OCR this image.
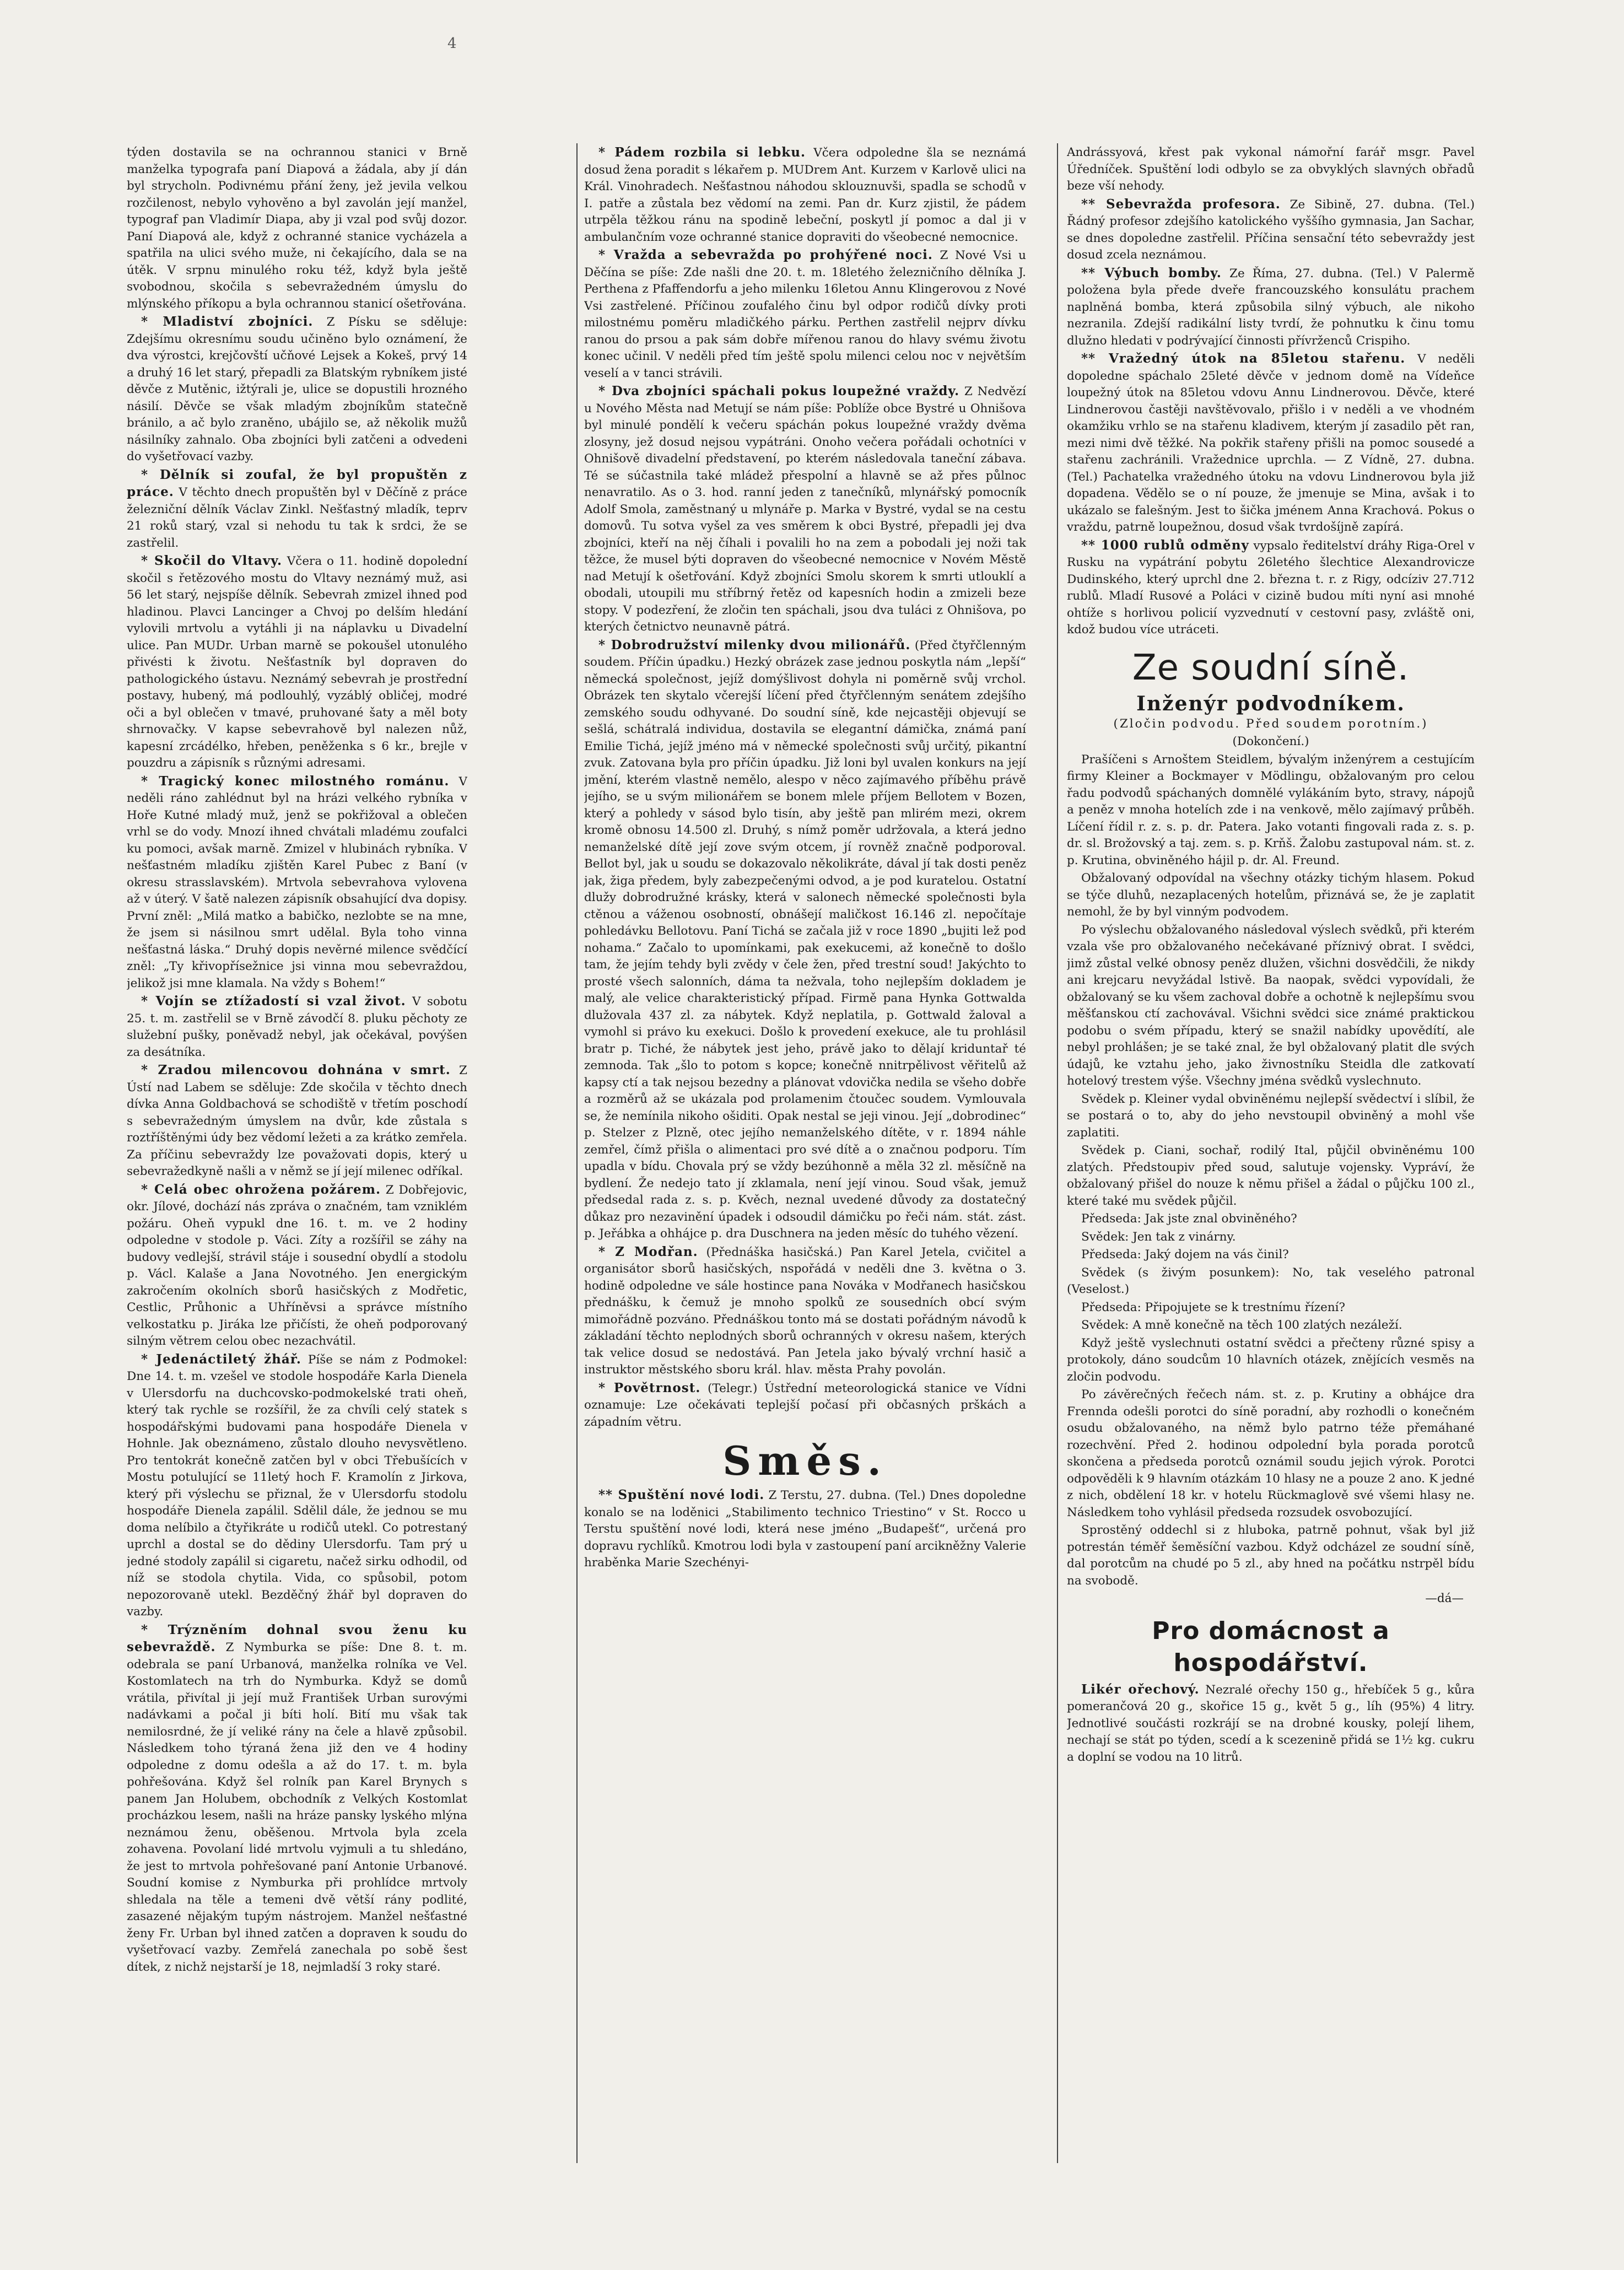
4

týden dostavila se na ochrannou stanici v Brně manželka typografa paní Diapová a žádala, aby jí dán byl strycholn. Podivnému přání ženy, jež jevila velkou rozčilenost, nebylo vyhověno a byl zavolán její manžel, typograf pan Vladimír Diapa, aby ji vzal pod svůj dozor. Paní Diapová ale, když z ochranné stanice vycházela a spatřila na ulici svého muže, ni čekajícího, dala se na útěk. V srpnu minulého roku též, když byla ještě svobodnou, skočila s sebevražedném úmyslu do mlýnského příkopu a byla ochrannou stanicí ošetřována.

* Mladiství zbojníci. Z Písku se sděluje: Zdejšímu okresnímu soudu učiněno bylo oznámení, že dva výrostci, krejčovští učňové Lejsek a Kokeš, prvý 14 a druhý 16 let starý, přepadli za Blatským rybníkem jisté děvče z Mutěnic, ižtýrali je, ulice se dopustili hrozného násilí. Děvče se však mladým zbojníkům statečně bránilo, a ač bylo zraněno, ubájilo se, až několik mužů násilníky zahnalo. Oba zbojníci byli zatčeni a odvedeni do vyšetřovací vazby.

* Dělník si zoufal, že byl propuštěn z práce. V těchto dnech propuštěn byl v Děčíně z práce železniční dělník Václav Zinkl. Nešťastný mladík, teprv 21 roků starý, vzal si nehodu tu tak k srdci, že se zastřelil.

* Skočil do Vltavy. Včera o 11. hodině dopolední skočil s řetězového mostu do Vltavy neznámý muž, asi 56 let starý, nejspíše dělník. Sebevrah zmizel ihned pod hladinou. Plavci Lancinger a Chvoj po delším hledání vylovili mrtvolu a vytáhli ji na náplavku u Divadelní ulice. Pan MUDr. Urban marně se pokoušel utonulého přivésti k životu. Nešťastník byl dopraven do pathologického ústavu. Neznámý sebevrah je prostřední postavy, hubený, má podlouhlý, vyzáblý obličej, modré oči a byl oblečen v tmavé, pruhované šaty a měl boty shrnovačky. V kapse sebevrahově byl nalezen nůž, kapesní zrcádélko, hřeben, peněženka s 6 kr., brejle v pouzdru a zápisník s různými adresami.

* Tragický konec milostného románu. V neděli ráno zahlédnut byl na hrázi velkého rybníka v Hoře Kutné mladý muž, jenž se pokřižoval a oblečen vrhl se do vody. Mnozí ihned chvátali mladému zoufalci ku pomoci, avšak marně. Zmizel v hlubinách rybníka. V nešťastném mladíku zjištěn Karel Pubec z Baní (v okresu strasslavském). Mrtvola sebevrahova vylovena až v úterý. V šatě nalezen zápisník obsahující dva dopisy. První zněl: „Milá matko a babičko, nezlobte se na mne, že jsem si násilnou smrt udělal. Byla toho vinna nešťastná láska.“ Druhý dopis nevěrné milence svědčící zněl: „Ty křivopřísežnice jsi vinna mou sebevraždou, jelikož jsi mne klamala. Na vždy s Bohem!“

* Vojín se ztížadostí si vzal život. V sobotu 25. t. m. zastřelil se v Brně závodčí 8. pluku pěchoty ze služební pušky, poněvadž nebyl, jak očekával, povýšen za desátníka.

* Zradou milencovou dohnána v smrt. Z Ústí nad Labem se sděluje: Zde skočila v těchto dnech dívka Anna Goldbachová se schodiště v třetím poschodí s sebevražedným úmyslem na dvůr, kde zůstala s roztříštěnými údy bez vědomí ležeti a za krátko zemřela. Za příčinu sebevraždy lze považovati dopis, který u sebevražedkyně našli a v němž se jí její milenec odříkal.

* Celá obec ohrožena požárem. Z Dobřejovic, okr. Jílové, dochází nás zpráva o značném, tam vzniklém požáru. Oheň vypukl dne 16. t. m. ve 2 hodiny odpoledne v stodole p. Váci. Zíty a rozšířil se záhy na budovy vedlejší, strávil stáje i sousední obydlí a stodolu p. Václ. Kalaše a Jana Novotného. Jen energickým zakročením okolních sborů hasičských z Modřetic, Cestlic, Průhonic a Uhříněvsi a správce místního velkostatku p. Jiráka lze přičísti, že oheň podporovaný silným větrem celou obec nezachvátil.

* Jedenáctiletý žhář. Píše se nám z Podmokel: Dne 14. t. m. vzešel ve stodole hospodáře Karla Dienela v Ulersdorfu na duchcovsko-podmokelské trati oheň, který tak rychle se rozšířil, že za chvíli celý statek s hospodářskými budovami pana hospodáře Dienela v Hohnle. Jak obeznámeno, zůstalo dlouho nevysvětleno. Pro tentokrát konečně zatčen byl v obci Třebušících v Mostu potulující se 11letý hoch F. Kramolín z Jirkova, který při výslechu se přiznal, že v Ulersdorfu stodolu hospodáře Dienela zapálil. Sdělil dále, že jednou se mu doma nelíbilo a čtyřikráte u rodičů utekl. Co potrestaný uprchl a dostal se do dědiny Ulersdorfu. Tam prý u jedné stodoly zapálil si cigaretu, načež sirku odhodil, od níž se stodola chytila. Vida, co spůsobil, potom nepozorovaně utekl. Bezděčný žhář byl dopraven do vazby.

* Trýzněním dohnal svou ženu ku sebevraždě. Z Nymburka se píše: Dne 8. t. m. odebrala se paní Urbanová, manželka rolníka ve Vel. Kostomlatech na trh do Nymburka. Když se domů vrátila, přivítal ji její muž František Urban surovými nadávkami a počal ji bíti holí. Bití mu však tak nemilosrdné, že jí veliké rány na čele a hlavě způsobil. Následkem toho týraná žena již den ve 4 hodiny odpoledne z domu odešla a až do 17. t. m. byla pohřešována. Když šel rolník pan Karel Brynych s panem Jan Holubem, obchodník z Velkých Kostomlat procházkou lesem, našli na hráze pansky lyského mlýna neznámou ženu, oběšenou. Mrtvola byla zcela zohavena. Povolaní lidé mrtvolu vyjmuli a tu shledáno, že jest to mrtvola pohřešované paní Antonie Urbanové. Soudní komise z Nymburka při prohlídce mrtvoly shledala na těle a temeni dvě větší rány podlité, zasazené nějakým tupým nástrojem. Manžel nešťastné ženy Fr. Urban byl ihned zatčen a dopraven k soudu do vyšetřovací vazby. Zemřelá zanechala po sobě šest dítek, z nichž nejstarší je 18, nejmladší 3 roky staré.

* Pádem rozbila si lebku. Včera odpoledne šla se neznámá dosud žena poradit s lékařem p. MUDrem Ant. Kurzem v Karlově ulici na Král. Vinohradech. Nešťastnou náhodou sklouznuvši, spadla se schodů v I. patře a zůstala bez vědomí na zemi. Pan dr. Kurz zjistil, že pádem utrpěla těžkou ránu na spodině lebeční, poskytl jí pomoc a dal ji v ambulančním voze ochranné stanice dopraviti do všeobecné nemocnice.

* Vražda a sebevražda po prohýřené noci. Z Nové Vsi u Děčína se píše: Zde našli dne 20. t. m. 18letého železničního dělníka J. Perthena z Pfaffendorfu a jeho milenku 16letou Annu Klingerovou z Nové Vsi zastřelené. Příčinou zoufalého činu byl odpor rodičů dívky proti milostnému poměru mladičkého párku. Perthen zastřelil nejprv dívku ranou do prsou a pak sám dobře mířenou ranou do hlavy svému životu konec učinil. V neděli před tím ještě spolu milenci celou noc v největším veselí a v tanci strávili.

* Dva zbojníci spáchali pokus loupežné vraždy. Z Nedvězí u Nového Města nad Metují se nám píše: Poblíže obce Bystré u Ohnišova byl minulé pondělí k večeru spáchán pokus loupežné vraždy dvěma zlosyny, jež dosud nejsou vypátráni. Onoho večera pořádali ochotníci v Ohnišově divadelní představení, po kterém následovala taneční zábava. Té se súčastnila také mládež přespolní a hlavně se až přes půlnoc nenavratilo. As o 3. hod. ranní jeden z tanečníků, mlynářský pomocník Adolf Smola, zaměstnaný u mlynáře p. Marka v Bystré, vydal se na cestu domovů. Tu sotva vyšel za ves směrem k obci Bystré, přepadli jej dva zbojníci, kteří na něj číhali i povalili ho na zem a pobodali jej noži tak těžce, že musel býti dopraven do všeobecné nemocnice v Novém Městě nad Metují k ošetřování. Když zbojníci Smolu skorem k smrti utlouklí a obodali, utoupili mu stříbrný řetěz od kapesních hodin a zmizeli beze stopy. V podezření, že zločin ten spáchali, jsou dva tuláci z Ohnišova, po kterých četnictvo neunavně pátrá.

* Dobrodružství milenky dvou milionářů. (Před čtyřčlenným soudem. Příčin úpadku.) Hezký obrázek zase jednou poskytla nám „lepší“ německá společnost, jejíž domýšlivost dohyla ni poměrně svůj vrchol. Obrázek ten skytalo včerejší líčení před čtyřčlenným senátem zdejšího zemského soudu odhyvané. Do soudní síně, kde nejcastěji objevují se sešlá, schátralá individua, dostavila se elegantní dámička, známá paní Emilie Tichá, jejíž jméno má v německé společnosti svůj určitý, pikantní zvuk. Zatovana byla pro příčin úpadku. Již loni byl uvalen konkurs na její jmění, kterém vlastně nemělo, alespo v něco zajímavého příběhu právě jejího, se u svým milionářem se bonem mlele příjem Bellotem v Bozen, který a pohledy v sásod bylo tisín, aby ještě pan mlirém mezi, okrem kromě obnosu 14.500 zl. Druhý, s nímž poměr udržovala, a která jedno nemanželské dítě její zove svým otcem, jí rovněž značně podporoval. Bellot byl, jak u soudu se dokazovalo několikráte, dával jí tak dosti peněz jak, žiga předem, byly zabezpečenými odvod, a je pod kuratelou. Ostatní dlužy dobrodružné krásky, která v salonech německé společnosti byla ctěnou a váženou osobností, obnášejí maličkost 16.146 zl. nepočítaje pohledávku Bellotovu. Paní Tichá se začala již v roce 1890 „bujiti lež pod nohama.“ Začalo to upomínkami, pak exekucemi, až konečně to došlo tam, že jejím tehdy byli zvědy v čele žen, před trestní soud! Jakýchto to prosté všech salonních, dáma ta nežvala, toho nejlepším dokladem je malý, ale velice charakteristický případ. Firmě pana Hynka Gottwalda dlužovala 437 zl. za nábytek. Když neplatila, p. Gottwald žaloval a vymohl si právo ku exekuci. Došlo k provedení exekuce, ale tu prohlásil bratr p. Tiché, že nábytek jest jeho, právě jako to dělají kriduntař té zemnoda. Tak „šlo to potom s kopce; konečně nnitrpělivost věřitelů až kapsy ctí a tak nejsou bezedny a plánovat vdovička nedila se všeho dobře a rozměrů až se ukázala pod prolamenim čtoučec soudem. Vymlouvala se, že nemínila nikoho ošiditi. Opak nestal se jeji vinou. Její „dobrodinec“ p. Stelzer z Plzně, otec jejího nemanželského dítěte, v r. 1894 náhle zemřel, čímž přišla o alimentaci pro své dítě a o značnou podporu. Tím upadla v bídu. Chovala prý se vždy bezúhonně a měla 32 zl. měsíčně na bydlení. Že nedejo tato jí zklamala, není její vinou. Soud však, jemuž předsedal rada z. s. p. Kvěch, neznal uvedené důvody za dostatečný důkaz pro nezavinění úpadek i odsoudil dámičku po řeči nám. stát. zást. p. Jeřábka a ohhájce p. dra Duschnera na jeden měsíc do tuhého vězení.

* Z Modřan. (Přednáška hasičská.) Pan Karel Jetela, cvičitel a organisátor sborů hasičských, nspořádá v neděli dne 3. května o 3. hodině odpoledne ve sále hostince pana Nováka v Modřanech hasičskou přednášku, k čemuž je mnoho spolků ze sousedních obcí svým mimořádně pozváno. Přednáškou tonto má se dostati pořádným návodů k základání těchto neplodných sborů ochranných v okresu našem, kterých tak velice dosud se nedostává. Pan Jetela jako bývalý vrchní hasič a instruktor městského sboru král. hlav. města Prahy povolán.

* Povětrnost. (Telegr.) Ústřední meteorologická stanice ve Vídni oznamuje: Lze očekávati teplejší počasí při občasných prškách a západním větru.

Směs.

** Spuštění nové lodi. Z Terstu, 27. dubna. (Tel.) Dnes dopoledne konalo se na loděnici „Stabilimento technico Triestino“ v St. Rocco u Terstu spuštění nové lodi, která nese jméno „Budapešť“, určená pro dopravu rychlíků. Kmotrou lodi byla v zastoupení paní arcikněžny Valerie hraběnka Marie Szechényi-

Andrássyová, křest pak vykonal námořní farář msgr. Pavel Úředníček. Spuštění lodi odbylo se za obvyklých slavných obřadů beze vší nehody.

** Sebevražda profesora. Ze Sibině, 27. dubna. (Tel.) Řádný profesor zdejšího katolického vyššího gymnasia, Jan Sachar, se dnes dopoledne zastřelil. Příčina sensační této sebevraždy jest dosud zcela neznámou.

** Výbuch bomby. Ze Říma, 27. dubna. (Tel.) V Palermě položena byla přede dveře francouzského konsulátu prachem naplněná bomba, která způsobila silný výbuch, ale nikoho nezranila. Zdejší radikální listy tvrdí, že pohnutku k činu tomu dlužno hledati v podrývající činnosti přívrženců Crispiho.

** Vražedný útok na 85letou stařenu. V neděli dopoledne spáchalo 25leté děvče v jednom domě na Vídeňce loupežný útok na 85letou vdovu Annu Lindnerovou. Děvče, které Lindnerovou častěji navštěvovalo, přišlo i v neděli a ve vhodném okamžiku vrhlo se na stařenu kladivem, kterým jí zasadilo pět ran, mezi nimi dvě těžké. Na pokřik stařeny přišli na pomoc sousedé a stařenu zachránili. Vražednice uprchla. — Z Vídně, 27. dubna. (Tel.) Pachatelka vražedného útoku na vdovu Lindnerovou byla již dopadena. Vědělo se o ní pouze, že jmenuje se Mina, avšak i to ukázalo se falešným. Jest to šička jménem Anna Krachová. Pokus o vraždu, patrně loupežnou, dosud však tvrdošíjně zapírá.

** 1000 rublů odměny vypsalo ředitelství dráhy Riga-Orel v Rusku na vypátrání pobytu 26letého šlechtice Alexandrovicze Dudinského, který uprchl dne 2. března t. r. z Rigy, odcíziv 27.712 rublů. Mladí Rusové a Poláci v cizině budou míti nyní asi mnohé ohtíže s horlivou policií vyzvednutí v cestovní pasy, zvláště oni, kdož budou více utráceti.

Ze soudní síně.
Inženýr podvodníkem.

(Zločin podvodu. Před soudem porotním.)

(Dokončení.)

Prašíčeni s Arnoštem Steidlem, bývalým inženýrem a cestujícím firmy Kleiner a Bockmayer v Mödlingu, obžalovaným pro celou řadu podvodů spáchaných domnělé vylákáním byto, stravy, nápojů a peněz v mnoha hotelích zde i na venkově, mělo zajímavý průběh. Líčení řídil r. z. s. p. dr. Patera. Jako votanti fingovali rada z. s. p. dr. sl. Brožovský a taj. zem. s. p. Krňš. Žalobu zastupoval nám. st. z. p. Krutina, obviněného hájil p. dr. Al. Freund.

Obžalovaný odpovídal na všechny otázky tichým hlasem. Pokud se týče dluhů, nezaplacených hotelům, přiznává se, že je zaplatit nemohl, že by byl vinným podvodem.

Po výslechu obžalovaného následoval výslech svědků, při kterém vzala vše pro obžalovaného nečekávané příznivý obrat. I svědci, jimž zůstal velké obnosy peněz dlužen, všichni dosvědčili, že nikdy ani krejcaru nevyžádal lstivě. Ba naopak, svědci vypovídali, že obžalovaný se ku všem zachoval dobře a ochotně k nejlepšímu svou měšťanskou ctí zachovával. Všichni svědci sice známé praktickou podobu o svém případu, který se snažil nabídky upovědítí, ale nebyl prohlášen; je se také znal, že byl obžalovaný platit dle svých údajů, ke vztahu jeho, jako živnostníku Steidla dle zatkovatí hotelový trestem výše. Všechny jména svědků vyslechnuto.

Svědek p. Kleiner vydal obviněnému nejlepší svědectví i slíbil, že se postará o to, aby do jeho nevstoupil obviněný a mohl vše zaplatiti.

Svědek p. Ciani, sochař, rodilý Ital, půjčil obviněnému 100 zlatých. Předstoupiv před soud, salutuje vojensky. Vypráví, že obžalovaný přišel do nouze k němu přišel a žádal o půjčku 100 zl., které také mu svědek půjčil.

Předseda: Jak jste znal obviněného?

Svědek: Jen tak z vinárny.

Předseda: Jaký dojem na vás činil?

Svědek (s živým posunkem): No, tak veselého patronal (Veselost.)

Předseda: Připojujete se k trestnímu řízení?

Svědek: A mně konečně na těch 100 zlatých nezáleží.

Když ještě vyslechnuti ostatní svědci a přečteny různé spisy a protokoly, dáno soudcům 10 hlavních otázek, znějících vesměs na zločin podvodu.

Po závěrečných řečech nám. st. z. p. Krutiny a obhájce dra Frennda odešli porotci do síně poradní, aby rozhodli o konečném osudu obžalovaného, na němž bylo patrno téže přemáhané rozechvění. Před 2. hodinou odpolední byla porada porotců skončena a předseda porotců oznámil soudu jejich výrok. Porotci odpověděli k 9 hlavním otázkám 10 hlasy ne a pouze 2 ano. K jedné z nich, obdělení 18 kr. v hotelu Rückmaglově své všemi hlasy ne. Následkem toho vyhlásil předseda rozsudek osvobozující.

Sprostěný oddechl si z hluboka, patrně pohnut, však byl již potrestán téměř šeměsíční vazbou. Když odcházel ze soudní síně, dal porotcům na chudé po 5 zl., aby hned na počátku nstrpěl bídu na svobodě.

—dá—

Pro domácnost a hospodářství.

Likér ořechový. Nezralé ořechy 150 g., hřebíček 5 g., kůra pomerančová 20 g., skořice 15 g., květ 5 g., líh (95%) 4 litry. Jednotlivé součásti rozkrájí se na drobné kousky, polejí lihem, nechají se stát po týden, scedí a k scezenině přidá se 1½ kg. cukru a doplní se vodou na 10 litrů.
